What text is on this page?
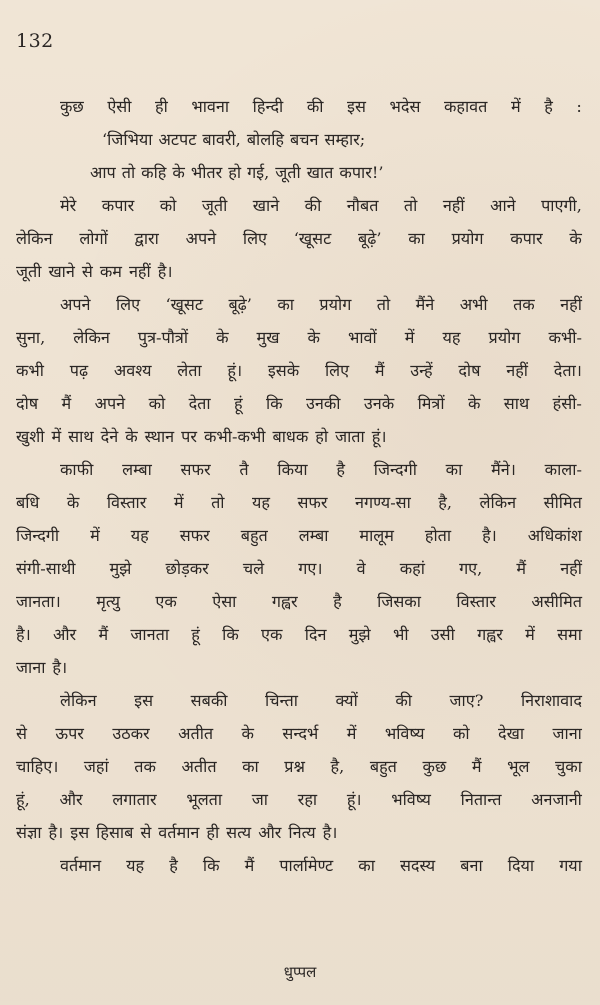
132
कुछ ऐसी ही भावना हिन्दी की इस भदेस कहावत में है :
‘जिभिया अटपट बावरी, बोलहि बचन सम्हार;
आप तो कहि के भीतर हो गई, जूती खात कपार!’
मेरे कपार को जूती खाने की नौबत तो नहीं आने पाएगी,
लेकिन लोगों द्वारा अपने लिए ‘खूसट बूढ़े’ का प्रयोग कपार के
जूती खाने से कम नहीं है।
अपने लिए ‘खूसट बूढ़े’ का प्रयोग तो मैंने अभी तक नहीं
सुना, लेकिन पुत्र-पौत्रों के मुख के भावों में यह प्रयोग कभी-
कभी पढ़ अवश्य लेता हूं। इसके लिए मैं उन्हें दोष नहीं देता।
दोष मैं अपने को देता हूं कि उनकी उनके मित्रों के साथ हंसी-
खुशी में साथ देने के स्थान पर कभी-कभी बाधक हो जाता हूं।
काफी लम्बा सफर तै किया है जिन्दगी का मैंने। काला-
बधि के विस्तार में तो यह सफर नगण्य-सा है, लेकिन सीमित
जिन्दगी में यह सफर बहुत लम्बा मालूम होता है। अधिकांश
संगी-साथी मुझे छोड़कर चले गए। वे कहां गए, मैं नहीं
जानता। मृत्यु एक ऐसा गह्वर है जिसका विस्तार असीमित
है। और मैं जानता हूं कि एक दिन मुझे भी उसी गह्वर में समा
जाना है।
लेकिन इस सबकी चिन्ता क्यों की जाए? निराशावाद
से ऊपर उठकर अतीत के सन्दर्भ में भविष्य को देखा जाना
चाहिए। जहां तक अतीत का प्रश्न है, बहुत कुछ मैं भूल चुका
हूं, और लगातार भूलता जा रहा हूं। भविष्य नितान्त अनजानी
संज्ञा है। इस हिसाब से वर्तमान ही सत्य और नित्य है।
वर्तमान यह है कि मैं पार्लामेण्ट का सदस्य बना दिया गया
धुप्पल
